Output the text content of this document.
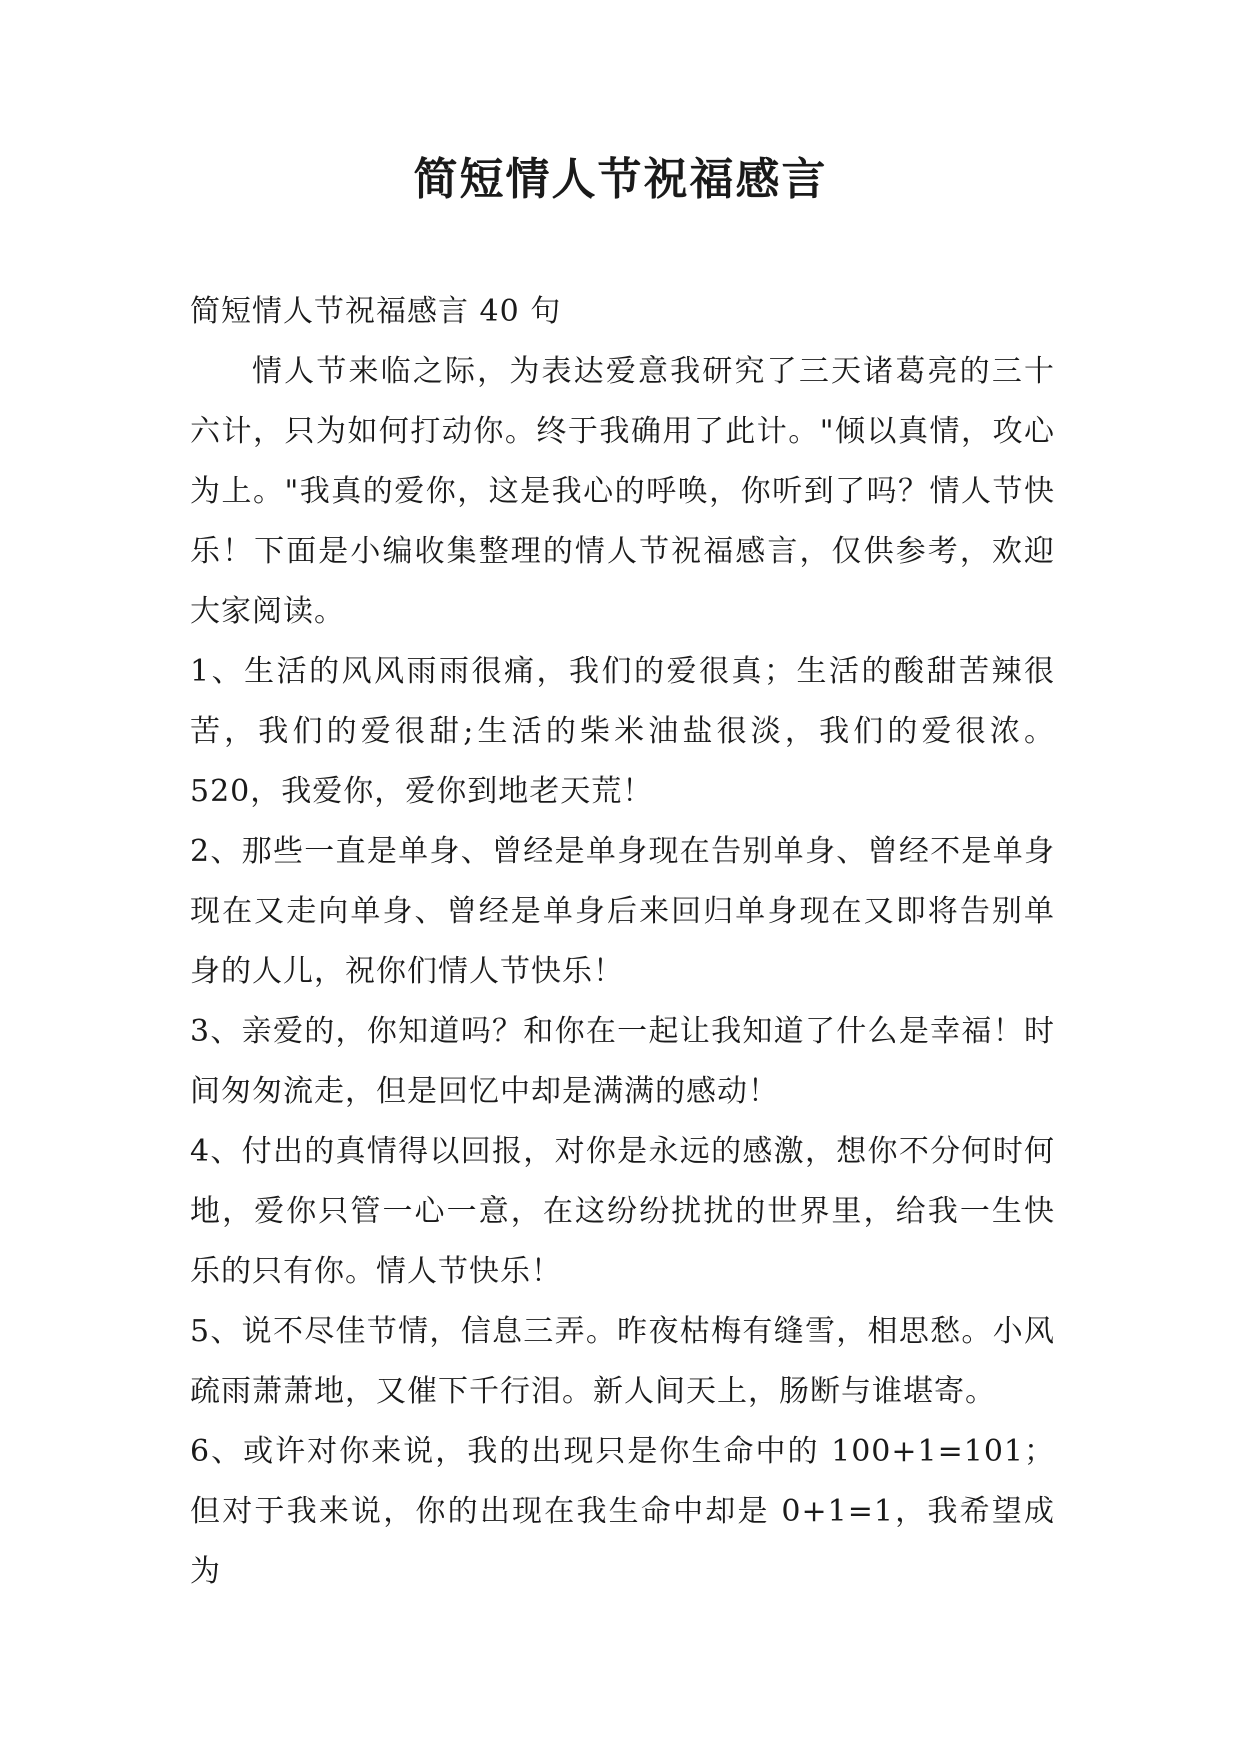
简短情人节祝福感言

简短情人节祝福感言 40 句

情人节来临之际，为表达爱意我研究了三天诸葛亮的三十六计，只为如何打动你。终于我确用了此计。"倾以真情，攻心为上。"我真的爱你，这是我心的呼唤，你听到了吗？情人节快乐！下面是小编收集整理的情人节祝福感言，仅供参考，欢迎大家阅读。

1、生活的风风雨雨很痛，我们的爱很真；生活的酸甜苦辣很苦，我们的爱很甜;生活的柴米油盐很淡，我们的爱很浓。520，我爱你，爱你到地老天荒！

2、那些一直是单身、曾经是单身现在告别单身、曾经不是单身现在又走向单身、曾经是单身后来回归单身现在又即将告别单身的人儿，祝你们情人节快乐！

3、亲爱的，你知道吗？和你在一起让我知道了什么是幸福！时间匆匆流走，但是回忆中却是满满的感动！

4、付出的真情得以回报，对你是永远的感激，想你不分何时何地，爱你只管一心一意，在这纷纷扰扰的世界里，给我一生快乐的只有你。情人节快乐！

5、说不尽佳节情，信息三弄。昨夜枯梅有缝雪，相思愁。小风疏雨萧萧地，又催下千行泪。新人间天上，肠断与谁堪寄。

6、或许对你来说，我的出现只是你生命中的 100+1=101；但对于我来说，你的出现在我生命中却是 0+1=1，我希望成为
